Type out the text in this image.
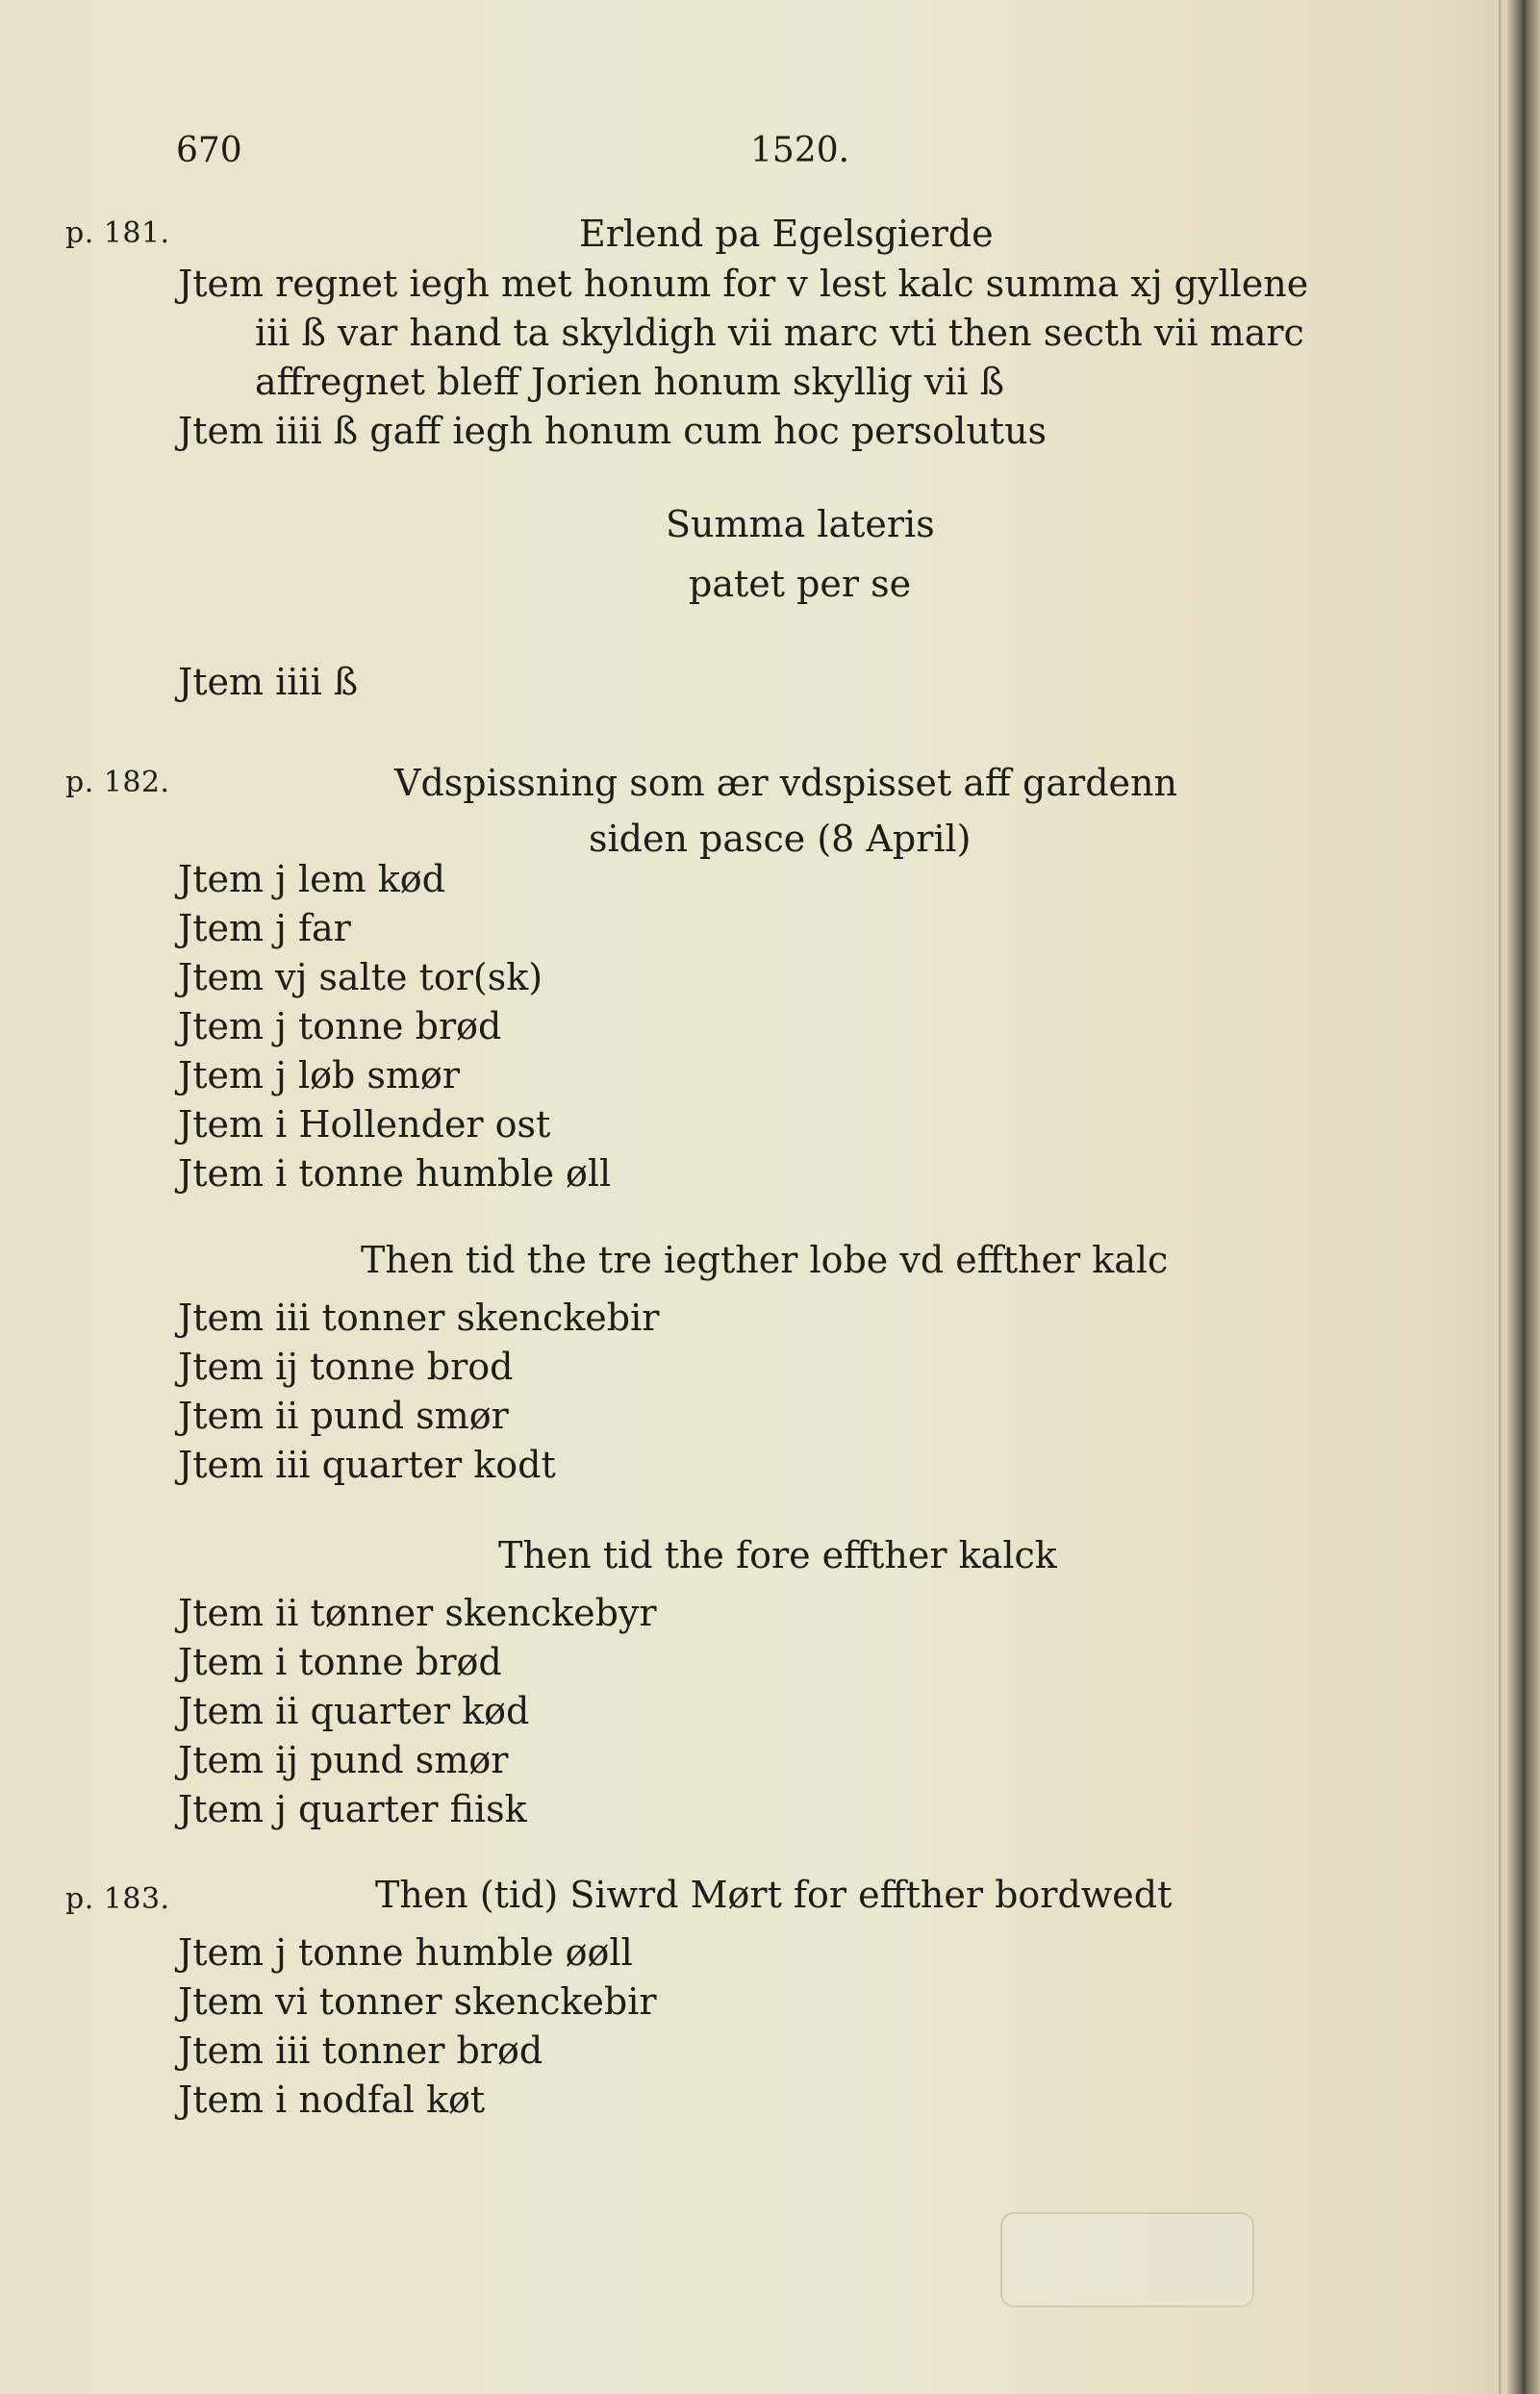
670	1520.
p. 181.
p. 182.
p. 183.
Erlend pa Egelsgierde
Jtem regnet iegh met honum for v lest kalc summa xj gyllene
iii ß var hand ta skyldigh vii marc vti then secth vii marc
affregnet bleff Jorien honum skyllig vii ß
Jtem iiii ß gaff iegh honum cum hoc persolutus
Summa lateris
patet per se
Jtem iiii ß
Vdspissning som ær vdspisset aff gardenn
siden pasce (8 April)
Jtem j lem kød
Jtem j far
Jtem vj salte tor(sk)
Jtem j tonne brød
Jtem j løb smør
Jtem i Hollender ost
Jtem i tonne humble øll
Then tid the tre iegther lobe vd effther kalc
Jtem iii tonner skenckebir
Jtem ij tonne brod
Jtem ii pund smør
Jtem iii quarter kodt
Then tid the fore effther kalck
Jtem ii tønner skenckebyr
Jtem i tonne brød
Jtem ii quarter kød
Jtem ij pund smør
Jtem j quarter fiisk
Then (tid) Siwrd Mørt for effther bordwedt
Jtem j tonne humble øøll
Jtem vi tonner skenckebir
Jtem iii tonner brød
Jtem i nodfal køt
